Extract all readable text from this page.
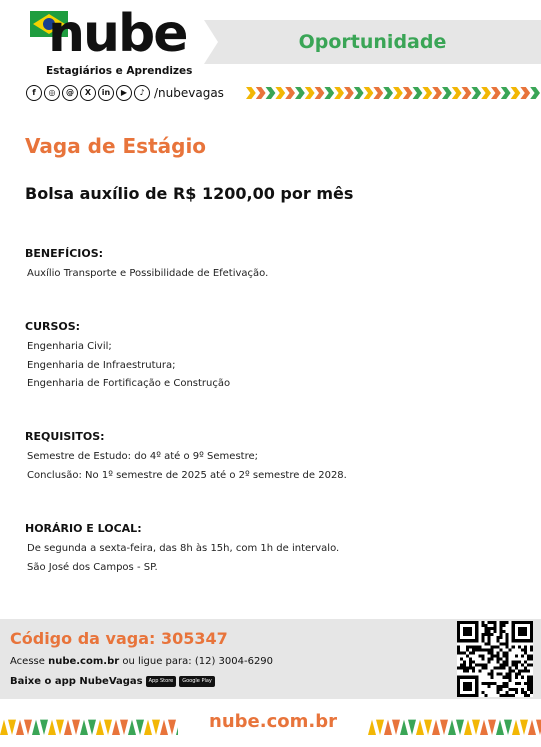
nube
Estagiários e Aprendizes
Oportunidade
f	◎	@	X	in	▶	♪ /nubevagas
Vaga de Estágio
Bolsa auxílio de R$ 1200,00 por mês
BENEFÍCIOS:
Auxílio Transporte e Possibilidade de Efetivação.
CURSOS:
Engenharia Civil;
Engenharia de Infraestrutura;
Engenharia de Fortificação e Construção
REQUISITOS:
Semestre de Estudo: do 4º até o 9º Semestre;
Conclusão: No 1º semestre de 2025 até o 2º semestre de 2028.
HORÁRIO E LOCAL:
De segunda a sexta-feira, das 8h às 15h, com 1h de intervalo.
São José dos Campos - SP.
Código da vaga: 305347
Acesse nube.com.br ou ligue para: (12) 3004-6290
Baixe o app NubeVagas	App Store	Google Play
nube.com.br
